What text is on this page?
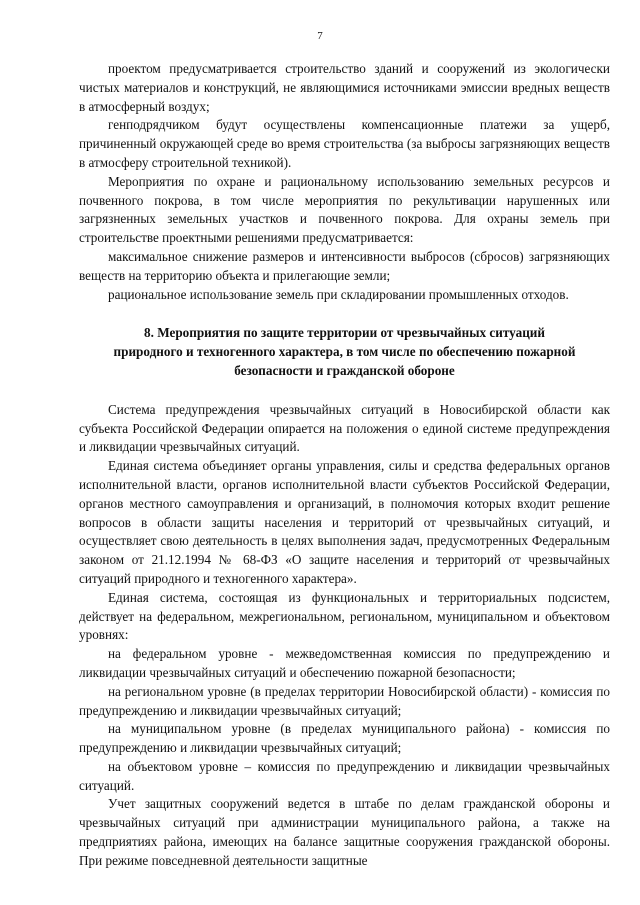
7

проектом предусматривается строительство зданий и сооружений из экологически чистых материалов и конструкций, не являющимися источниками эмиссии вредных веществ в атмосферный воздух;

генподрядчиком будут осуществлены компенсационные платежи за ущерб, причиненный окружающей среде во время строительства (за выбросы загрязняющих веществ в атмосферу строительной техникой).

Мероприятия по охране и рациональному использованию земельных ресурсов и почвенного покрова, в том числе мероприятия по рекультивации нарушенных или загрязненных земельных участков и почвенного покрова. Для охраны земель при строительстве проектными решениями предусматривается:

максимальное снижение размеров и интенсивности выбросов (сбросов) загрязняющих веществ на территорию объекта и прилегающие земли;

рациональное использование земель при складировании промышленных отходов.

8. Мероприятия по защите территории от чрезвычайных ситуаций
природного и техногенного характера, в том числе по обеспечению пожарной
безопасности и гражданской обороне

Система предупреждения чрезвычайных ситуаций в Новосибирской области как субъекта Российской Федерации опирается на положения о единой системе предупреждения и ликвидации чрезвычайных ситуаций.

Единая система объединяет органы управления, силы и средства федеральных органов исполнительной власти, органов исполнительной власти субъектов Российской Федерации, органов местного самоуправления и организаций, в полномочия которых входит решение вопросов в области защиты населения и территорий от чрезвычайных ситуаций, и осуществляет свою деятельность в целях выполнения задач, предусмотренных Федеральным законом от 21.12.1994 № 68-ФЗ «О защите населения и территорий от чрезвычайных ситуаций природного и техногенного характера».

Единая система, состоящая из функциональных и территориальных подсистем, действует на федеральном, межрегиональном, региональном, муниципальном и объектовом уровнях:

на федеральном уровне - межведомственная комиссия по предупреждению и ликвидации чрезвычайных ситуаций и обеспечению пожарной безопасности;

на региональном уровне (в пределах территории Новосибирской области) - комиссия по предупреждению и ликвидации чрезвычайных ситуаций;

на муниципальном уровне (в пределах муниципального района) - комиссия по предупреждению и ликвидации чрезвычайных ситуаций;

на объектовом уровне – комиссия по предупреждению и ликвидации чрезвычайных ситуаций.

Учет защитных сооружений ведется в штабе по делам гражданской обороны и чрезвычайных ситуаций при администрации муниципального района, а также на предприятиях района, имеющих на балансе защитные сооружения гражданской обороны. При режиме повседневной деятельности защитные
